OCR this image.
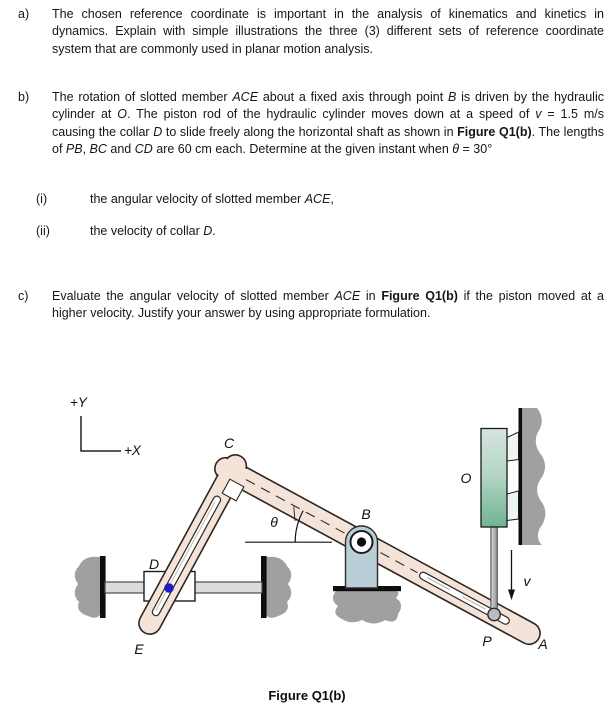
a)	The chosen reference coordinate is important in the analysis of kinematics and kinetics in dynamics. Explain with simple illustrations the three (3) different sets of reference coordinate system that are commonly used in planar motion analysis.

b)	The rotation of slotted member ACE about a fixed axis through point B is driven by the hydraulic cylinder at O. The piston rod of the hydraulic cylinder moves down at a speed of v = 1.5 m/s causing the collar D to slide freely along the horizontal shaft as shown in Figure Q1(b). The lengths of PB, BC and CD are 60 cm each. Determine at the given instant when θ = 30°

(i)	the angular velocity of slotted member ACE,

(ii)	the velocity of collar D.

c)	Evaluate the angular velocity of slotted member ACE in Figure Q1(b) if the piston moved at a higher velocity. Justify your answer by using appropriate formulation.

+Y
+X	C
B
O
D
E	P	A
θ
v
Figure Q1(b)
